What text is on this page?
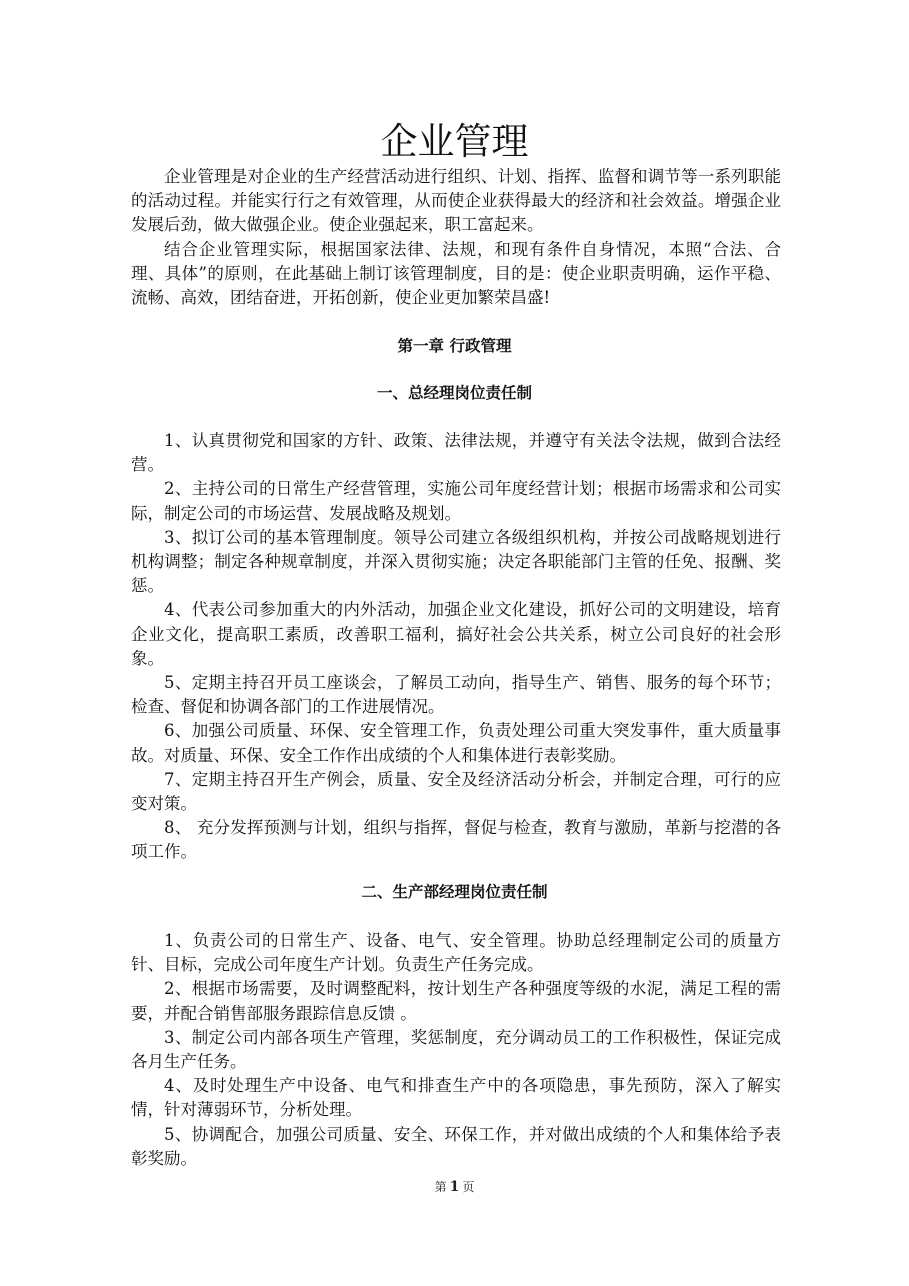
企业管理

企业管理是对企业的生产经营活动进行组织、计划、指挥、监督和调节等一系列职能的活动过程。并能实行行之有效管理，从而使企业获得最大的经济和社会效益。增强企业发展后劲，做大做强企业。使企业强起来，职工富起来。

结合企业管理实际，根据国家法律、法规，和现有条件自身情况，本照“合法、合理、具体”的原则，在此基础上制订该管理制度，目的是：使企业职责明确，运作平稳、流畅、高效，团结奋进，开拓创新，使企业更加繁荣昌盛!

第一章 行政管理
一、总经理岗位责任制

1、认真贯彻党和国家的方针、政策、法律法规，并遵守有关法令法规，做到合法经营。

2、主持公司的日常生产经营管理，实施公司年度经营计划；根据市场需求和公司实际，制定公司的市场运营、发展战略及规划。

3、拟订公司的基本管理制度。领导公司建立各级组织机构，并按公司战略规划进行机构调整；制定各种规章制度，并深入贯彻实施；决定各职能部门主管的任免、报酬、奖惩。

4、代表公司参加重大的内外活动，加强企业文化建设，抓好公司的文明建设，培育企业文化，提高职工素质，改善职工福利，搞好社会公共关系，树立公司良好的社会形象。

5、定期主持召开员工座谈会，了解员工动向，指导生产、销售、服务的每个环节；检查、督促和协调各部门的工作进展情况。

6、加强公司质量、环保、安全管理工作，负责处理公司重大突发事件，重大质量事故。对质量、环保、安全工作作出成绩的个人和集体进行表彰奖励。

7、定期主持召开生产例会，质量、安全及经济活动分析会，并制定合理，可行的应变对策。

8、 充分发挥预测与计划，组织与指挥，督促与检查，教育与激励，革新与挖潜的各项工作。

二、生产部经理岗位责任制

1、负责公司的日常生产、设备、电气、安全管理。协助总经理制定公司的质量方针、目标，完成公司年度生产计划。负责生产任务完成。

2、根据市场需要，及时调整配料，按计划生产各种强度等级的水泥，满足工程的需要，并配合销售部服务跟踪信息反馈 。

3、制定公司内部各项生产管理，奖惩制度，充分调动员工的工作积极性，保证完成各月生产任务。

4、及时处理生产中设备、电气和排查生产中的各项隐患，事先预防，深入了解实情，针对薄弱环节，分析处理。

5、协调配合，加强公司质量、安全、环保工作，并对做出成绩的个人和集体给予表彰奖励。

第 1 页
